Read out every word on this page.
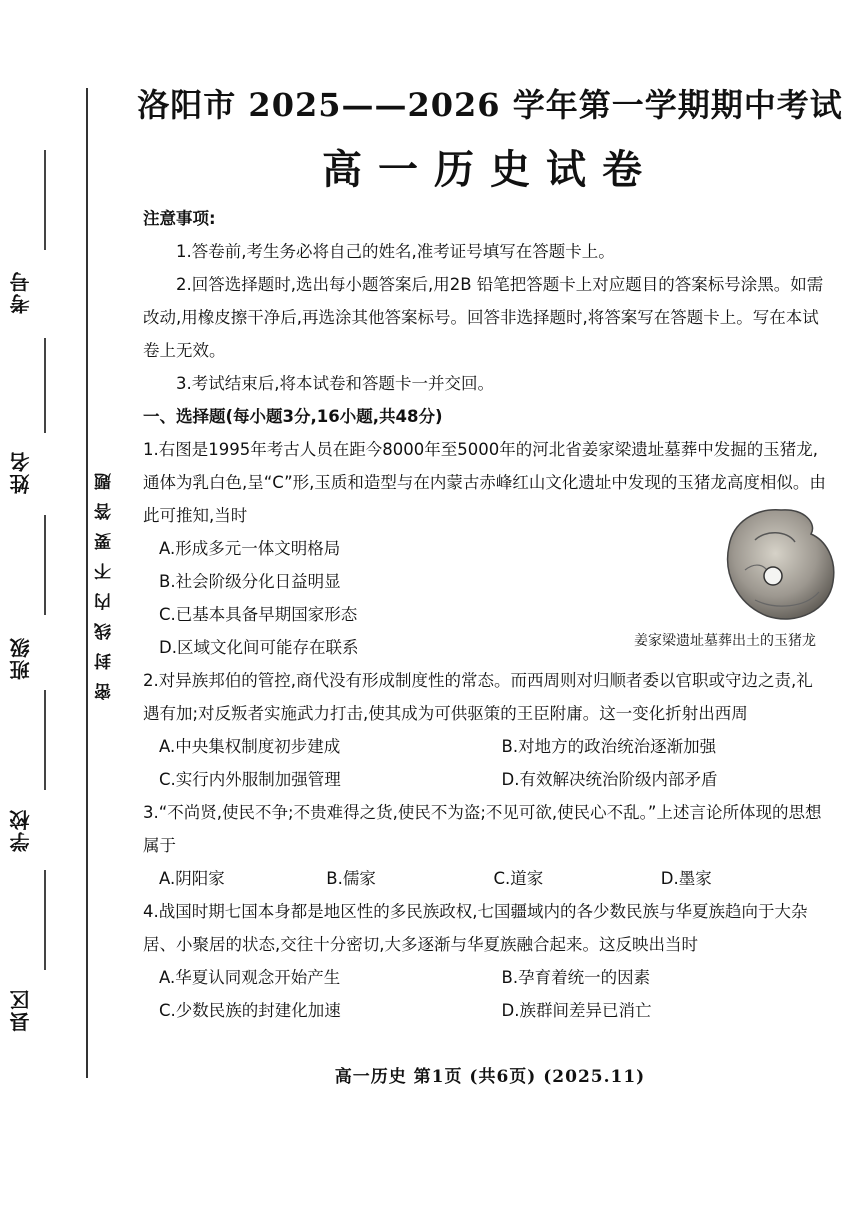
考号
姓名
班级
学校
县区
密封线内不要答题
洛阳市 2025——2026 学年第一学期期中考试
高一历史试卷

注意事项:

1.答卷前,考生务必将自己的姓名,准考证号填写在答题卡上。

2.回答选择题时,选出每小题答案后,用2B 铅笔把答题卡上对应题目的答案标号涂黑。如需改动,用橡皮擦干净后,再选涂其他答案标号。回答非选择题时,将答案写在答题卡上。写在本试卷上无效。

3.考试结束后,将本试卷和答题卡一并交回。

一、选择题(每小题3分,16小题,共48分)

1.右图是1995年考古人员在距今8000年至5000年的河北省姜家梁遗址墓葬中发掘的玉猪龙,通体为乳白色,呈“C”形,玉质和造型与在内蒙古赤峰红山文化遗址中发现的玉猪龙高度相似。由此可推知,当时

A.形成多元一体文明格局
B.社会阶级分化日益明显
C.已基本具备早期国家形态
D.区域文化间可能存在联系

2.对异族邦伯的管控,商代没有形成制度性的常态。而西周则对归顺者委以官职或守边之责,礼遇有加;对反叛者实施武力打击,使其成为可供驱策的王臣附庸。这一变化折射出西周

A.中央集权制度初步建成	B.对地方的政治统治逐渐加强
C.实行内外服制加强管理	D.有效解决统治阶级内部矛盾

3.“不尚贤,使民不争;不贵难得之货,使民不为盗;不见可欲,使民心不乱。”上述言论所体现的思想属于

A.阴阳家	B.儒家	C.道家	D.墨家

4.战国时期七国本身都是地区性的多民族政权,七国疆域内的各少数民族与华夏族趋向于大杂居、小聚居的状态,交往十分密切,大多逐渐与华夏族融合起来。这反映出当时

A.华夏认同观念开始产生	B.孕育着统一的因素
C.少数民族的封建化加速	D.族群间差异已消亡
姜家梁遗址墓葬出土的玉猪龙
高一历史 第1页 (共6页) (2025.11)
